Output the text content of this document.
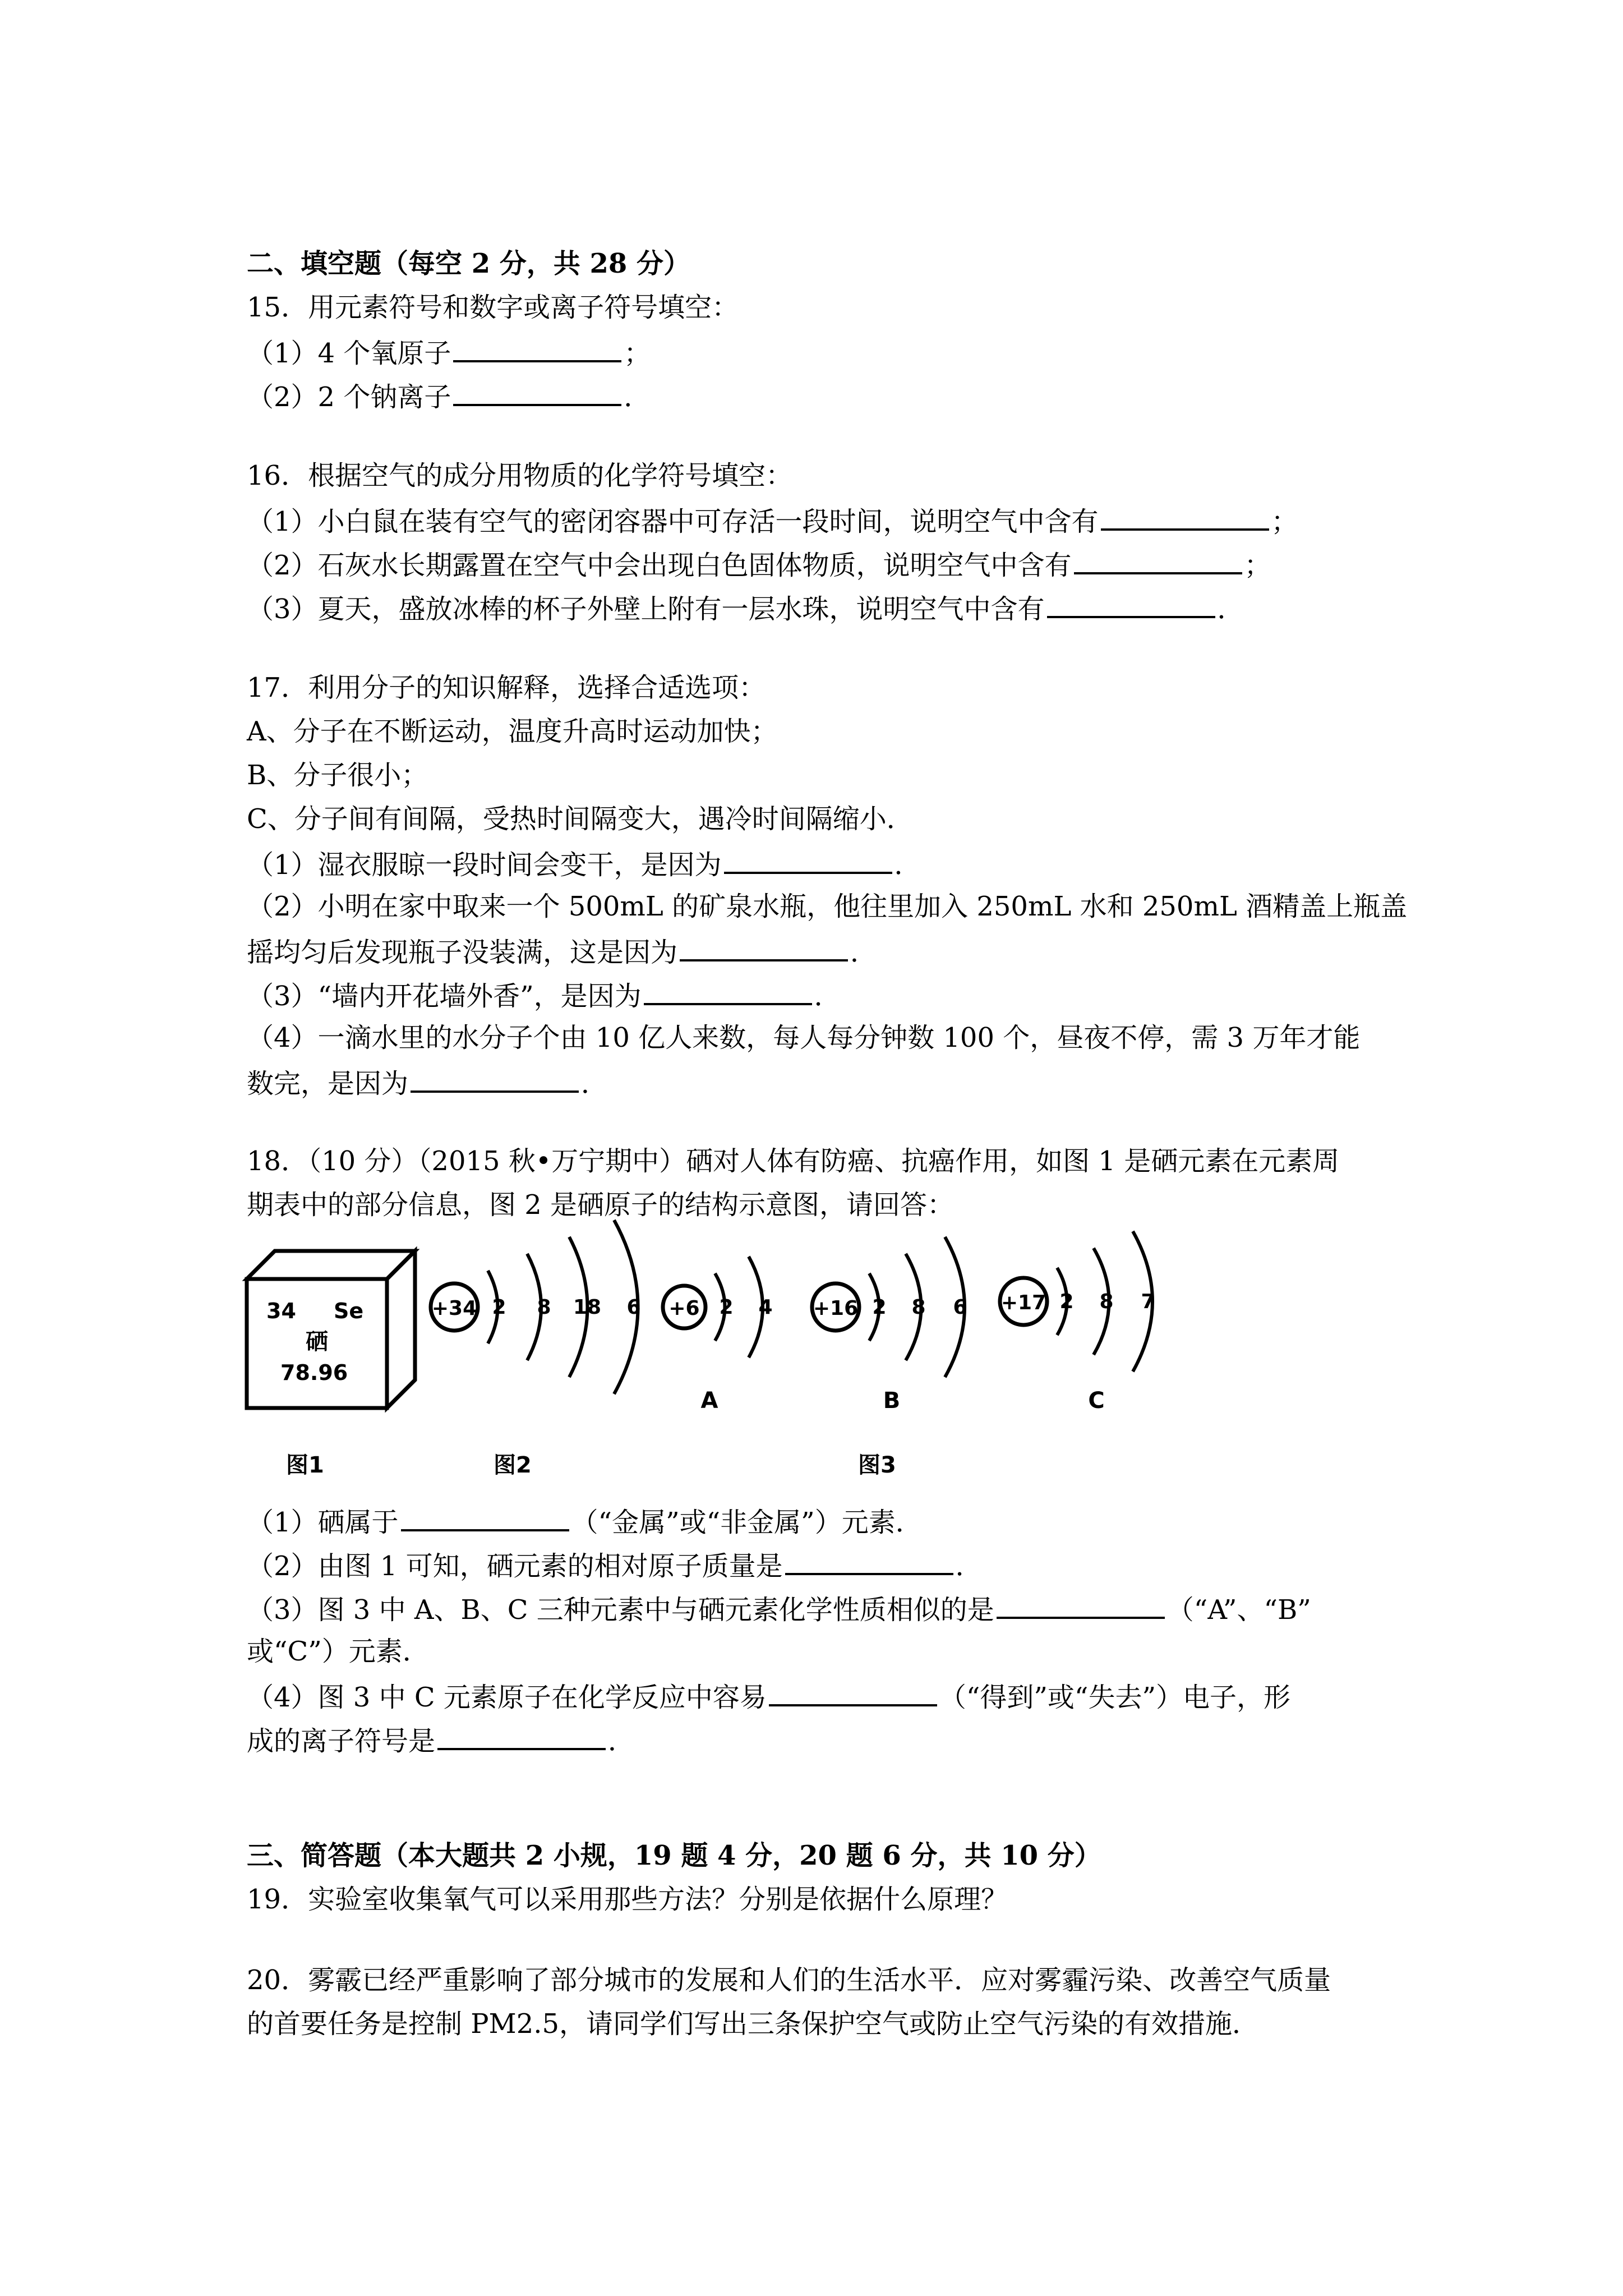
二、填空题（每空 2 分，共 28 分）
15．用元素符号和数字或离子符号填空：
（1）4 个氧原子	；
（2）2 个钠离子	．
16．根据空气的成分用物质的化学符号填空：
（1）小白鼠在装有空气的密闭容器中可存活一段时间，说明空气中含有	；
（2）石灰水长期露置在空气中会出现白色固体物质，说明空气中含有	；
（3）夏天，盛放冰棒的杯子外壁上附有一层水珠，说明空气中含有	．
17．利用分子的知识解释，选择合适选项：
A、分子在不断运动，温度升高时运动加快；
B、分子很小；
C、分子间有间隔，受热时间隔变大，遇冷时间隔缩小．
（1）湿衣服晾一段时间会变干，是因为	．
（2）小明在家中取来一个 500mL 的矿泉水瓶，他往里加入 250mL 水和 250mL 酒精盖上瓶盖
摇均匀后发现瓶子没装满，这是因为	．
（3）“墙内开花墙外香”，是因为	．
（4）一滴水里的水分子个由 10 亿人来数，每人每分钟数 100 个，昼夜不停，需 3 万年才能
数完，是因为	．
18．（10 分）（2015 秋•万宁期中）硒对人体有防癌、抗癌作用，如图 1 是硒元素在元素周
期表中的部分信息，图 2 是硒原子的结构示意图，请回答：
34 Se
硒
78.96
+34 2 8 18 6 +6 2 4
A
+16 2 8 6
B
+17 2 8 7
C
图1	图2	图3
（1）硒属于	（“金属”或“非金属”）元素．
（2）由图 1 可知，硒元素的相对原子质量是	．
（3）图 3 中 A、B、C 三种元素中与硒元素化学性质相似的是	（“A”、“B”
或“C”）元素．
（4）图 3 中 C 元素原子在化学反应中容易	（“得到”或“失去”）电子，形
成的离子符号是	．
三、简答题（本大题共 2 小规，19 题 4 分，20 题 6 分，共 10 分）
19．实验室收集氧气可以采用那些方法？分别是依据什么原理？
20．雾霰已经严重影响了部分城市的发展和人们的生活水平．应对雾霾污染、改善空气质量
的首要任务是控制 PM2.5，请同学们写出三条保护空气或防止空气污染的有效措施．
